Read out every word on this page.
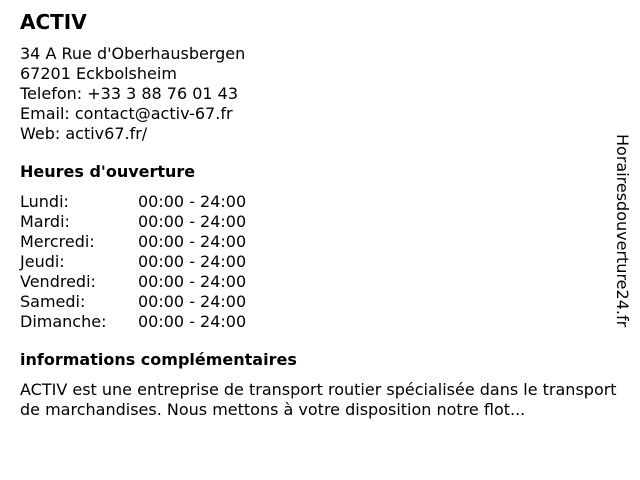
ACTIV
34 A Rue d'Oberhausbergen
67201 Eckbolsheim
Telefon: +33 3 88 76 01 43
Email: contact@activ-67.fr
Web: activ67.fr/
Heures d'ouverture
Lundi:	00:00 - 24:00
Mardi:	00:00 - 24:00
Mercredi:	00:00 - 24:00
Jeudi:	00:00 - 24:00
Vendredi:	00:00 - 24:00
Samedi:	00:00 - 24:00
Dimanche:	00:00 - 24:00
informations complémentaires
ACTIV est une entreprise de transport routier spécialisée dans le transport de marchandises. Nous mettons à votre disposition notre flot...
Horairesdouverture24.fr
